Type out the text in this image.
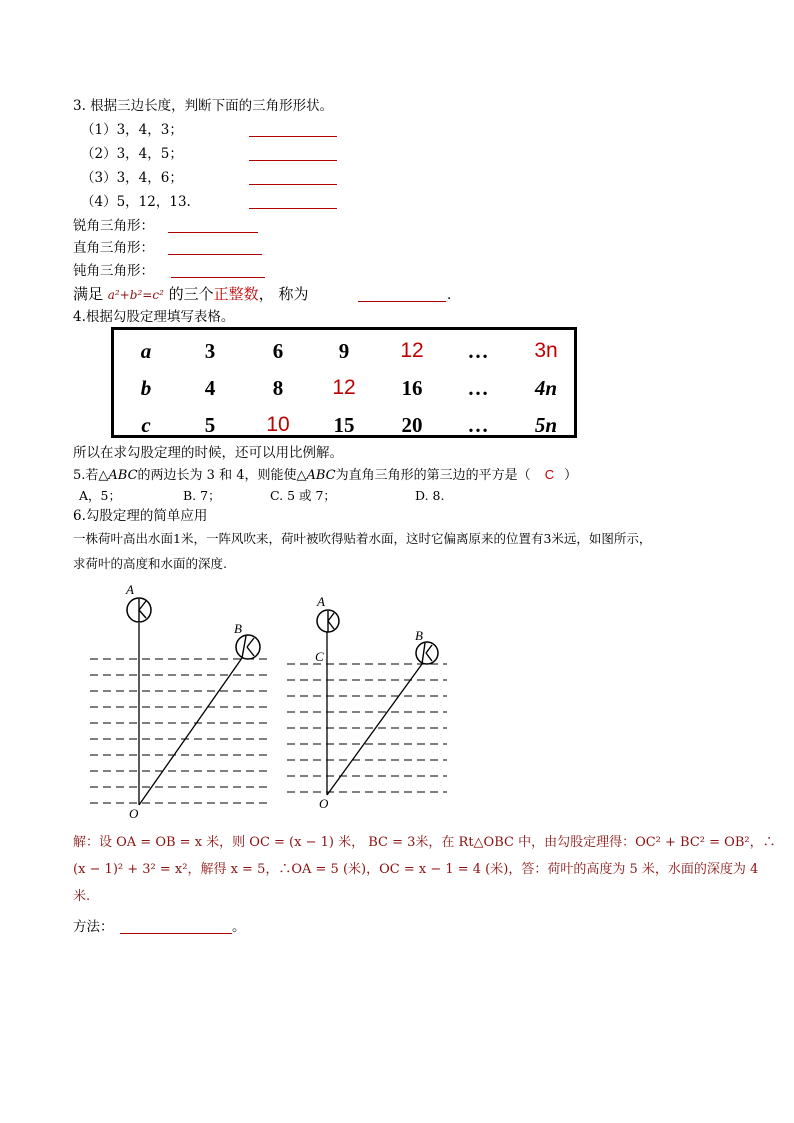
3. 根据三边长度，判断下面的三角形形状。
（1）3，4，3；
（2）3，4，5；
（3）3，4，6；
（4）5，12，13.
锐角三角形：
直角三角形：
钝角三角形：
满足 a²+b²=c² 的三个正整数， 称为	.
4.根据勾股定理填写表格。
a	3	6	9	12	…	3n
b	4	8	12	16	…	4n
c	5	10	15	20	…	5n
所以在求勾股定理的时候，还可以用比例解。
5.若△ABC的两边长为 3 和 4，则能使△ABC为直角三角形的第三边的平方是（ C ）
A，5；	B. 7；	C. 5 或 7；	D. 8.
6.勾股定理的简单应用
一株荷叶高出水面1米，一阵风吹来，荷叶被吹得贴着水面，这时它偏离原来的位置有3米远，如图所示，
求荷叶的高度和水面的深度.
A
B
O
A
C
B
O
解：设 OA = OB = x 米，则 OC = (x − 1) 米， BC = 3米，在 Rt△OBC 中，由勾股定理得：OC² + BC² = OB²，∴
(x − 1)² + 3² = x²，解得 x = 5，∴OA = 5 (米)，OC = x − 1 = 4 (米)，答：荷叶的高度为 5 米，水面的深度为 4
米.
方法：	。
